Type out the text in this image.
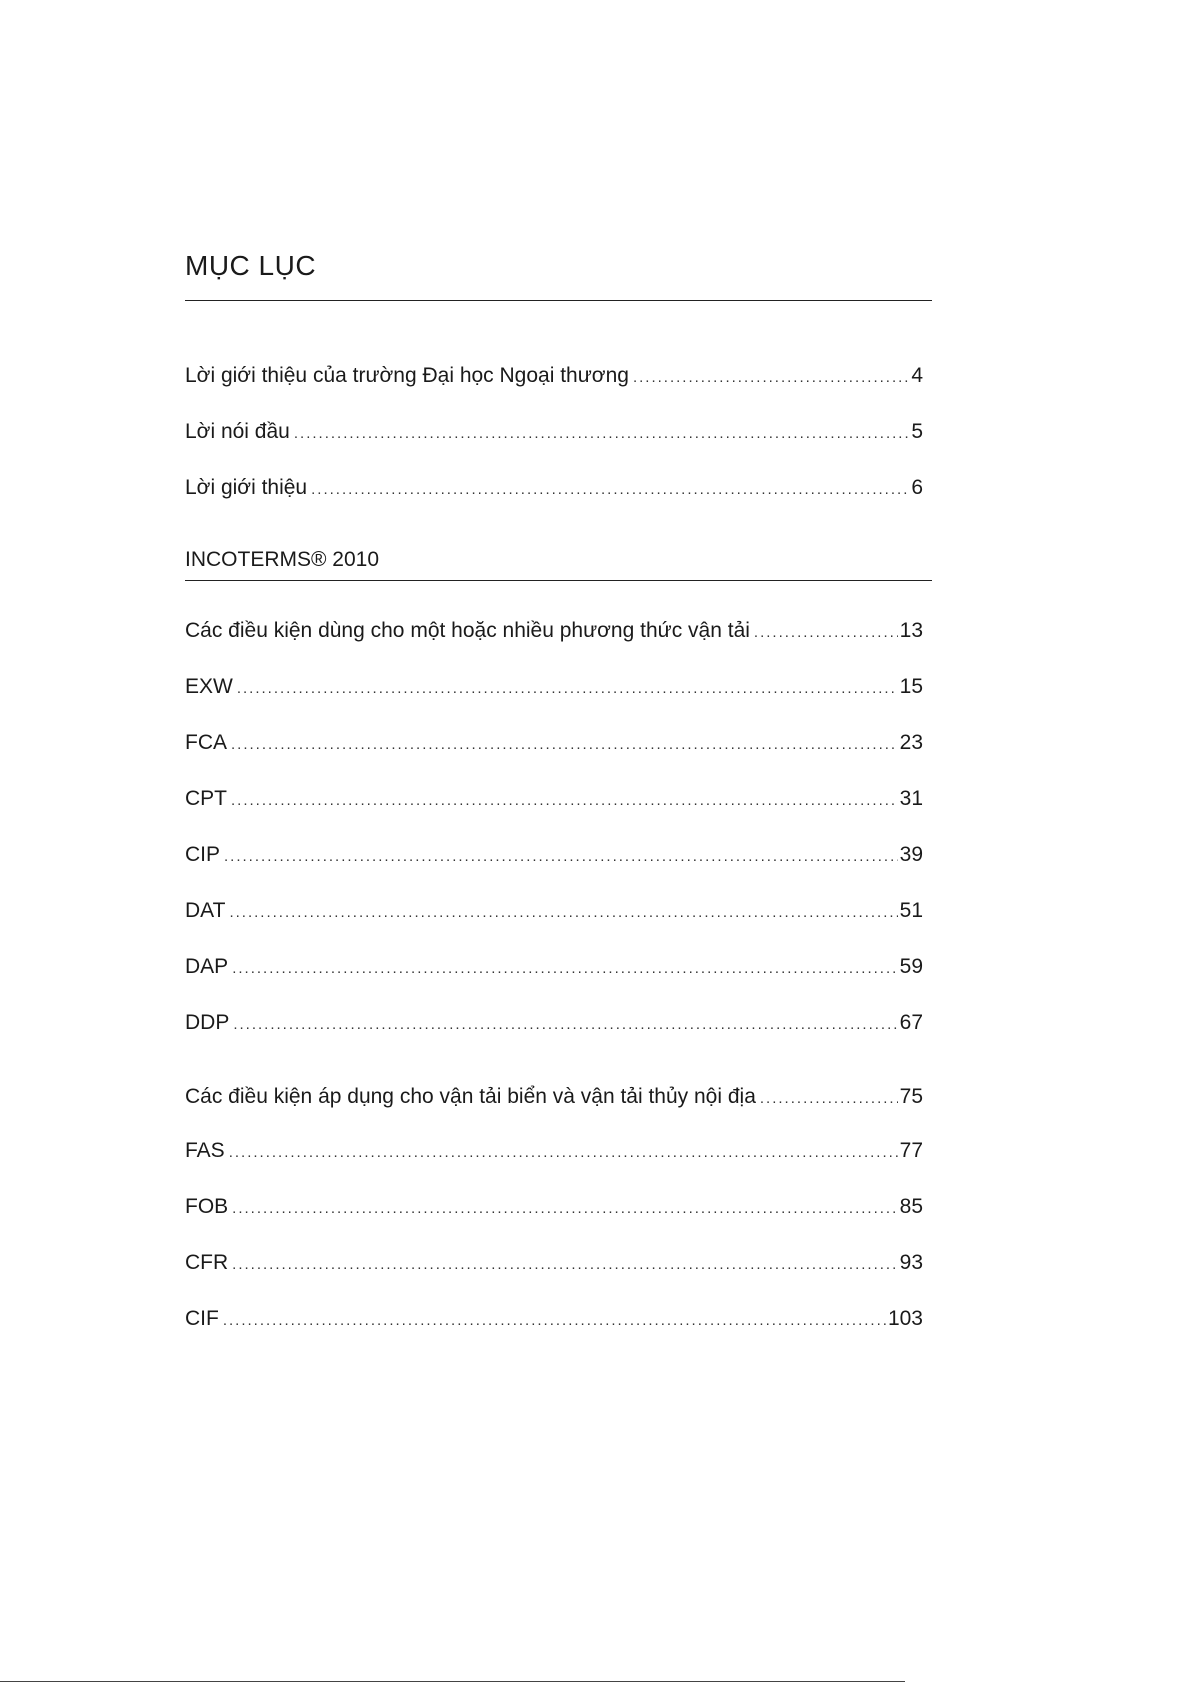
MỤC LỤC
Lời giới thiệu của trường Đại học Ngoại thương .....	4
Lời nói đầu .....	5
Lời giới thiệu .....	6
INCOTERMS® 2010
Các điều kiện dùng cho một hoặc nhiều phương thức vận tải .....	13
EXW .....	15
FCA .....	23
CPT .....	31
CIP .....	39
DAT .....	51
DAP .....	59
DDP .....	67
Các điều kiện áp dụng cho vận tải biển và vận tải thủy nội địa .....	75
FAS .....	77
FOB .....	85
CFR .....	93
CIF .....	103
